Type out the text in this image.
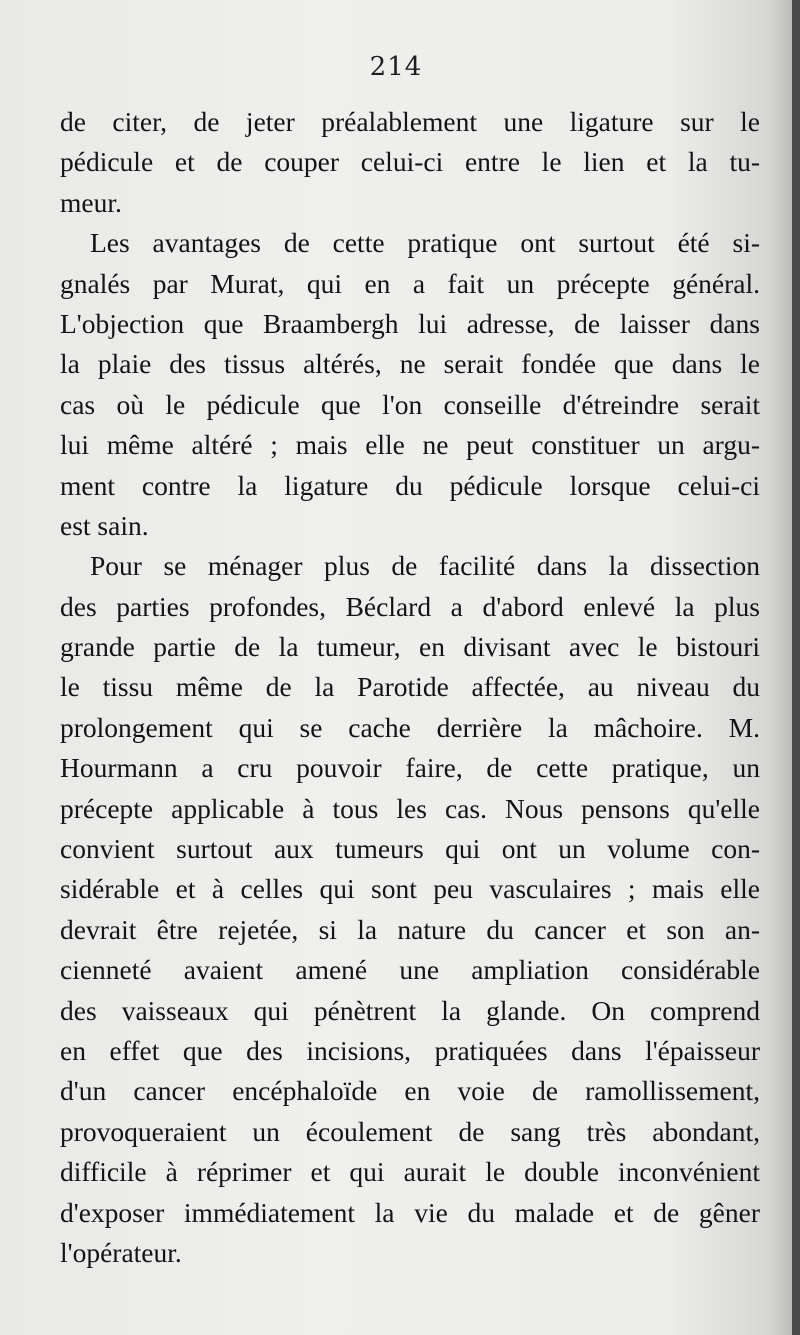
214
de citer, de jeter préalablement une ligature sur le
pédicule et de couper celui-ci entre le lien et la tu-
meur.
Les avantages de cette pratique ont surtout été si-
gnalés par Murat, qui en a fait un précepte général.
L'objection que Braambergh lui adresse, de laisser dans
la plaie des tissus altérés, ne serait fondée que dans le
cas où le pédicule que l'on conseille d'étreindre serait
lui même altéré ; mais elle ne peut constituer un argu-
ment contre la ligature du pédicule lorsque celui-ci
est sain.
Pour se ménager plus de facilité dans la dissection
des parties profondes, Béclard a d'abord enlevé la plus
grande partie de la tumeur, en divisant avec le bistouri
le tissu même de la Parotide affectée, au niveau du
prolongement qui se cache derrière la mâchoire. M.
Hourmann a cru pouvoir faire, de cette pratique, un
précepte applicable à tous les cas. Nous pensons qu'elle
convient surtout aux tumeurs qui ont un volume con-
sidérable et à celles qui sont peu vasculaires ; mais elle
devrait être rejetée, si la nature du cancer et son an-
cienneté avaient amené une ampliation considérable
des vaisseaux qui pénètrent la glande. On comprend
en effet que des incisions, pratiquées dans l'épaisseur
d'un cancer encéphaloïde en voie de ramollissement,
provoqueraient un écoulement de sang très abondant,
difficile à réprimer et qui aurait le double inconvénient
d'exposer immédiatement la vie du malade et de gêner
l'opérateur.
